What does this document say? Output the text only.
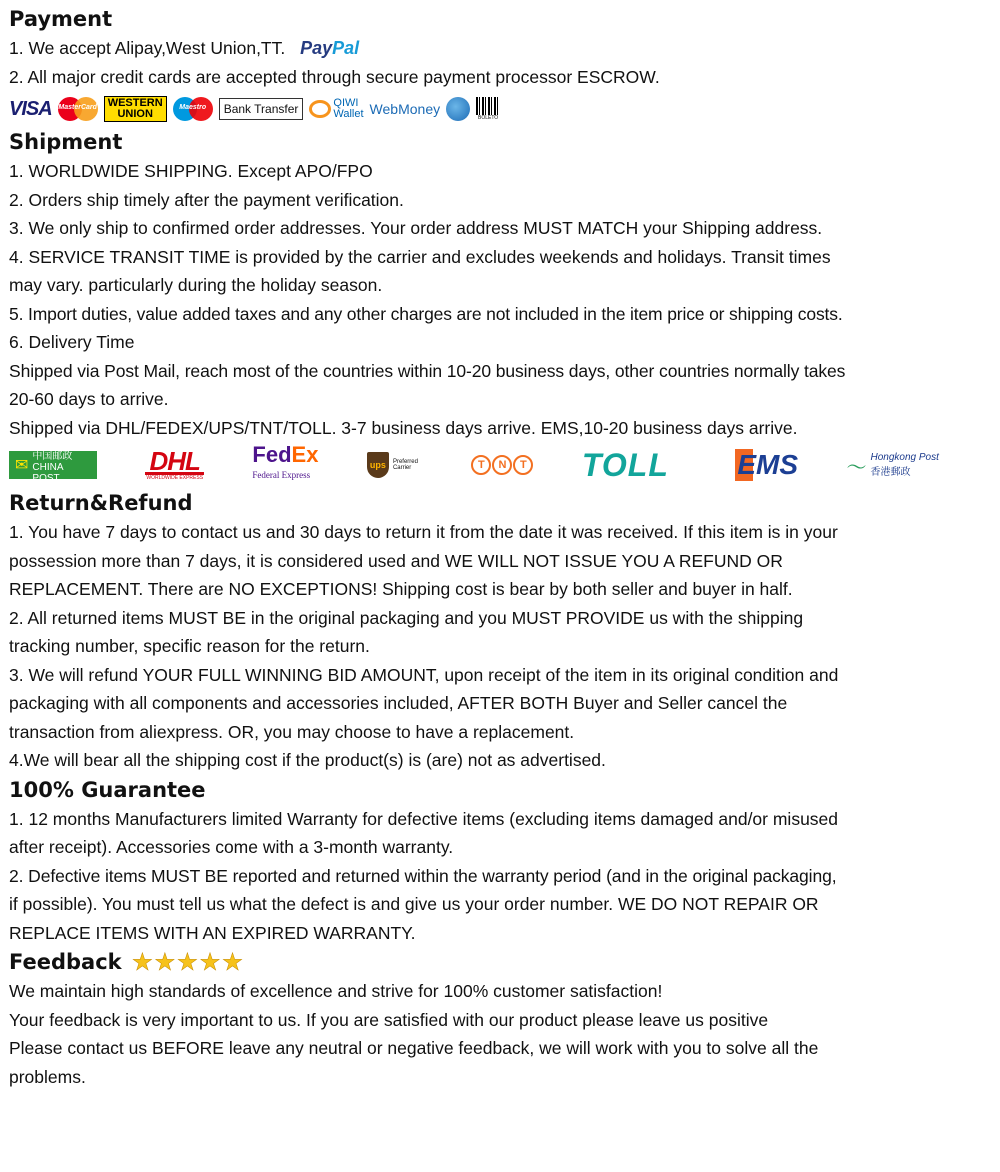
Payment
1. We accept Alipay,West Union,TT. PayPal
2. All major credit cards are accepted through secure payment processor ESCROW.
VISA MasterCard WESTERN
UNION
Maestro	Bank Transfer	QIWI
Wallet WebMoney
BOLETO
Shipment

1. WORLDWIDE SHIPPING. Except APO/FPO

2. Orders ship timely after the payment verification.

3. We only ship to confirmed order addresses. Your order address MUST MATCH your Shipping address.

4. SERVICE TRANSIT TIME is provided by the carrier and excludes weekends and holidays. Transit times

may vary. particularly during the holiday season.

5. Import duties, value added taxes and any other charges are not included in the item price or shipping costs.

6. Delivery Time

Shipped via Post Mail, reach most of the countries within 10-20 business days, other countries normally takes

20-60 days to arrive.

Shipped via DHL/FEDEX/UPS/TNT/TOLL. 3-7 business days arrive. EMS,10-20 business days arrive.

✉
中国邮政
CHINA POST
DHL
WORLDWIDE EXPRESS
FedEx
Federal Express
ups	Preferred Carrier	T	N	T TOLL	EMS 〜 Hongkong Post
香港郵政
Return&Refund

1. You have 7 days to contact us and 30 days to return it from the date it was received. If this item is in your

possession more than 7 days, it is considered used and WE WILL NOT ISSUE YOU A REFUND OR

REPLACEMENT. There are NO EXCEPTIONS! Shipping cost is bear by both seller and buyer in half.

2. All returned items MUST BE in the original packaging and you MUST PROVIDE us with the shipping

tracking number, specific reason for the return.

3. We will refund YOUR FULL WINNING BID AMOUNT, upon receipt of the item in its original condition and

packaging with all components and accessories included, AFTER BOTH Buyer and Seller cancel the

transaction from aliexpress. OR, you may choose to have a replacement.

4.We will bear all the shipping cost if the product(s) is (are) not as advertised.

100% Guarantee

1. 12 months Manufacturers limited Warranty for defective items (excluding items damaged and/or misused

after receipt). Accessories come with a 3-month warranty.

2. Defective items MUST BE reported and returned within the warranty period (and in the original packaging,

if possible). You must tell us what the defect is and give us your order number. WE DO NOT REPAIR OR

REPLACE ITEMS WITH AN EXPIRED WARRANTY.

Feedback ★★★★★

We maintain high standards of excellence and strive for 100% customer satisfaction!

Your feedback is very important to us. If you are satisfied with our product please leave us positive

Please contact us BEFORE leave any neutral or negative feedback, we will work with you to solve all the

problems.
